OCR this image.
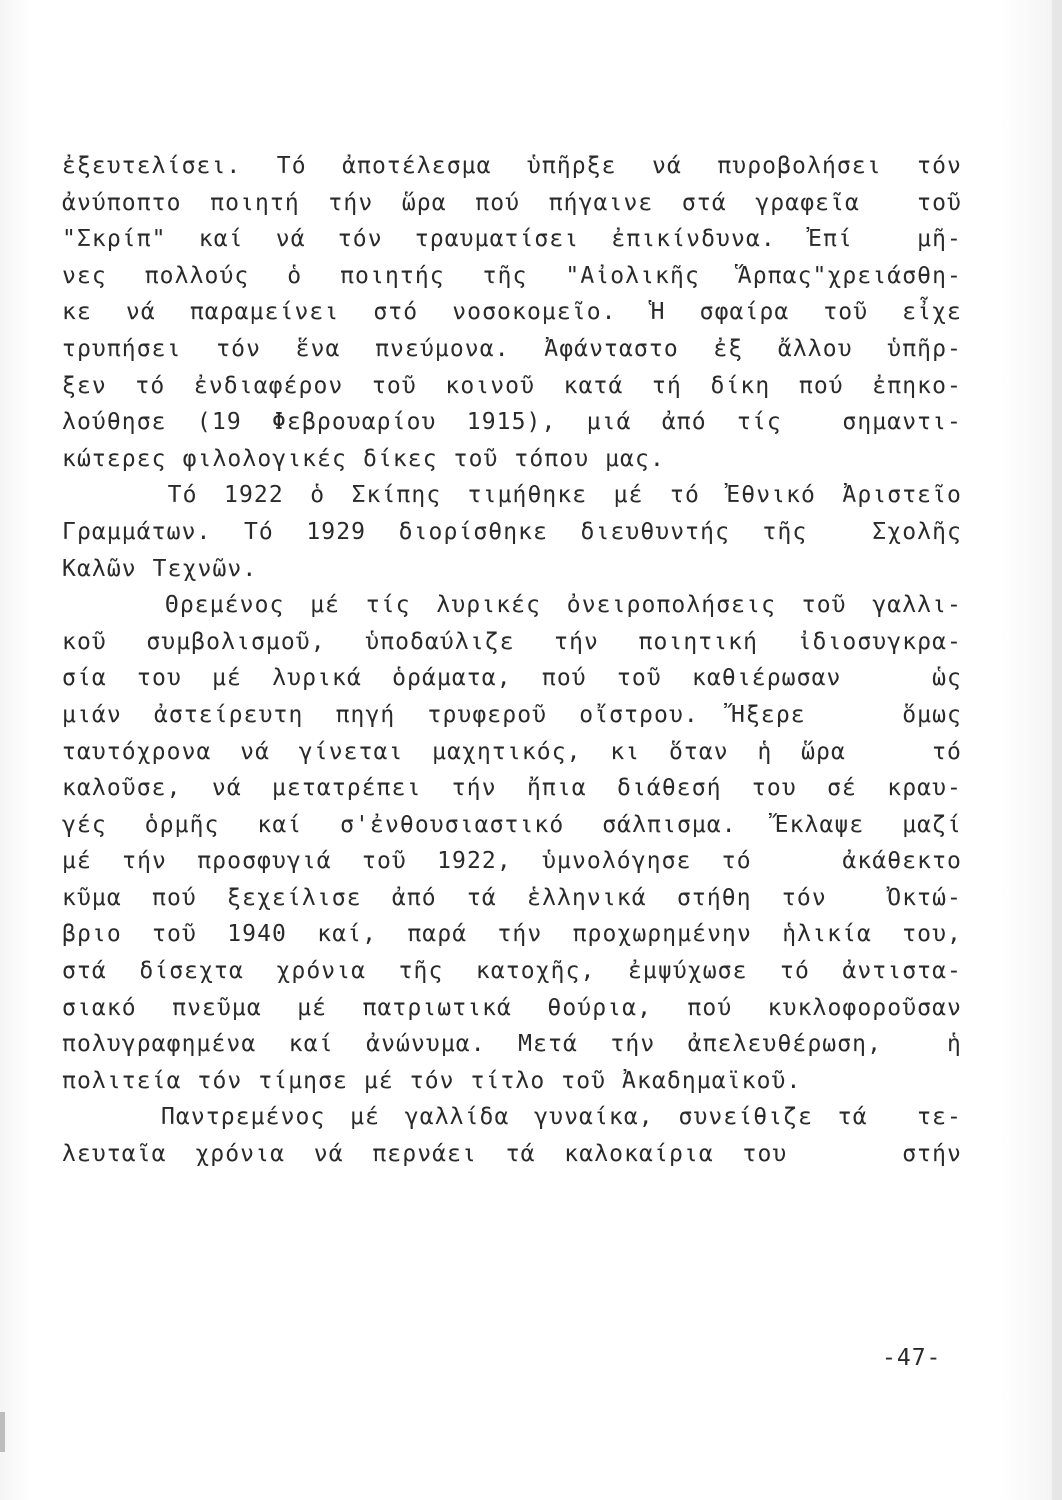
ἐξευτελίσει. Τό ἀποτέλεσμα ὑπῆρξε νά πυροβολήσει τόν
ἀνύποπτο ποιητή τήν ὥρα πού πήγαινε στά γραφεῖα  τοῦ
"Σκρίπ" καί νά τόν τραυματίσει ἐπικίνδυνα. Ἐπί  μῆ-
νες πολλούς ὁ ποιητής τῆς "Αἰολικῆς Ἅρπας"χρειάσθη-
κε νά παραμείνει στό νοσοκομεῖο. Ἡ σφαίρα τοῦ εἶχε
τρυπήσει τόν ἕνα πνεύμονα. Ἀφάνταστο ἐξ ἄλλου ὑπῆρ-
ξεν τό ἐνδιαφέρον τοῦ κοινοῦ κατά τή δίκη πού ἐπηκο-
λούθησε (19 Φεβρουαρίου 1915), μιά ἀπό τίς  σημαντι-
κώτερες φιλολογικές δίκες τοῦ τόπου μας.
Τό 1922 ὁ Σκίπης τιμήθηκε μέ τό Ἐθνικό Ἀριστεῖο
Γραμμάτων. Τό 1929 διορίσθηκε διευθυντής τῆς  Σχολῆς
Καλῶν Τεχνῶν.
Θρεμένος μέ τίς λυρικές ὀνειροπολήσεις τοῦ γαλλι-
κοῦ συμβολισμοῦ, ὑποδαύλιζε τήν ποιητική ἰδιοσυγκρα-
σία του μέ λυρικά ὁράματα, πού τοῦ καθιέρωσαν   ὡς
μιάν ἀστείρευτη πηγή τρυφεροῦ οἴστρου. Ἤξερε   ὅμως
ταυτόχρονα νά γίνεται μαχητικός, κι ὅταν ἡ ὥρα   τό
καλοῦσε, νά μετατρέπει τήν ἤπια διάθεσή του σέ κραυ-
γές ὁρμῆς καί σ'ἐνθουσιαστικό σάλπισμα. Ἔκλαψε μαζί
μέ τήν προσφυγιά τοῦ 1922, ὑμνολόγησε τό   ἀκάθεκτο
κῦμα πού ξεχείλισε ἀπό τά ἑλληνικά στήθη τόν  Ὀκτώ-
βριο τοῦ 1940 καί, παρά τήν προχωρημένην ἡλικία του,
στά δίσεχτα χρόνια τῆς κατοχῆς, ἐμψύχωσε τό ἀντιστα-
σιακό πνεῦμα μέ πατριωτικά θούρια, πού κυκλοφοροῦσαν
πολυγραφημένα καί ἀνώνυμα. Μετά τήν ἀπελευθέρωση,  ἡ
πολιτεία τόν τίμησε μέ τόν τίτλο τοῦ Ἀκαδημαϊκοῦ.
Παντρεμένος μέ γαλλίδα γυναίκα, συνείθιζε τά  τε-
λευταῖα χρόνια νά περνάει τά καλοκαίρια του    στήν
-47-
